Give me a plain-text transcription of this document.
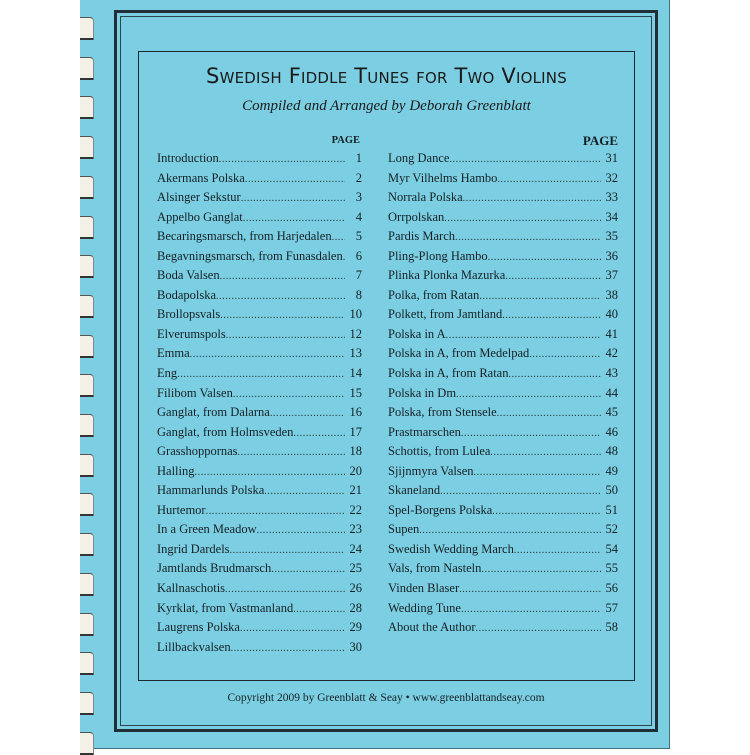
Swedish Fiddle Tunes for Two Violins
Compiled and Arranged by Deborah Greenblatt
PAGE
Introduction .....	1
Akermans Polska .....	2
Alsinger Sekstur .....	3
Appelbo Ganglat .....	4
Becaringsmarsch, from Harjedalen .....	5
Begavningsmarsch, from Funasdalen .....	6
Boda Valsen .....	7
Bodapolska .....	8
Brollopsvals .....	10
Elverumspols .....	12
Emma .....	13
Eng .....	14
Filibom Valsen .....	15
Ganglat, from Dalarna .....	16
Ganglat, from Holmsveden .....	17
Grasshoppornas .....	18
Halling .....	20
Hammarlunds Polska .....	21
Hurtemor .....	22
In a Green Meadow .....	23
Ingrid Dardels .....	24
Jamtlands Brudmarsch .....	25
Kallnaschotis .....	26
Kyrklat, from Vastmanland .....	28
Laugrens Polska .....	29
Lillbackvalsen .....	30
PAGE
Long Dance .....	31
Myr Vilhelms Hambo .....	32
Norrala Polska .....	33
Orrpolskan .....	34
Pardis March .....	35
Pling-Plong Hambo .....	36
Plinka Plonka Mazurka .....	37
Polka, from Ratan .....	38
Polkett, from Jamtland .....	40
Polska in A .....	41
Polska in A, from Medelpad .....	42
Polska in A, from Ratan .....	43
Polska in Dm .....	44
Polska, from Stensele .....	45
Prastmarschen .....	46
Schottis, from Lulea .....	48
Sjijnmyra Valsen .....	49
Skaneland .....	50
Spel-Borgens Polska .....	51
Supen .....	52
Swedish Wedding March .....	54
Vals, from Nasteln .....	55
Vinden Blaser .....	56
Wedding Tune .....	57
About the Author .....	58
Copyright 2009 by Greenblatt & Seay • www.greenblattandseay.com
